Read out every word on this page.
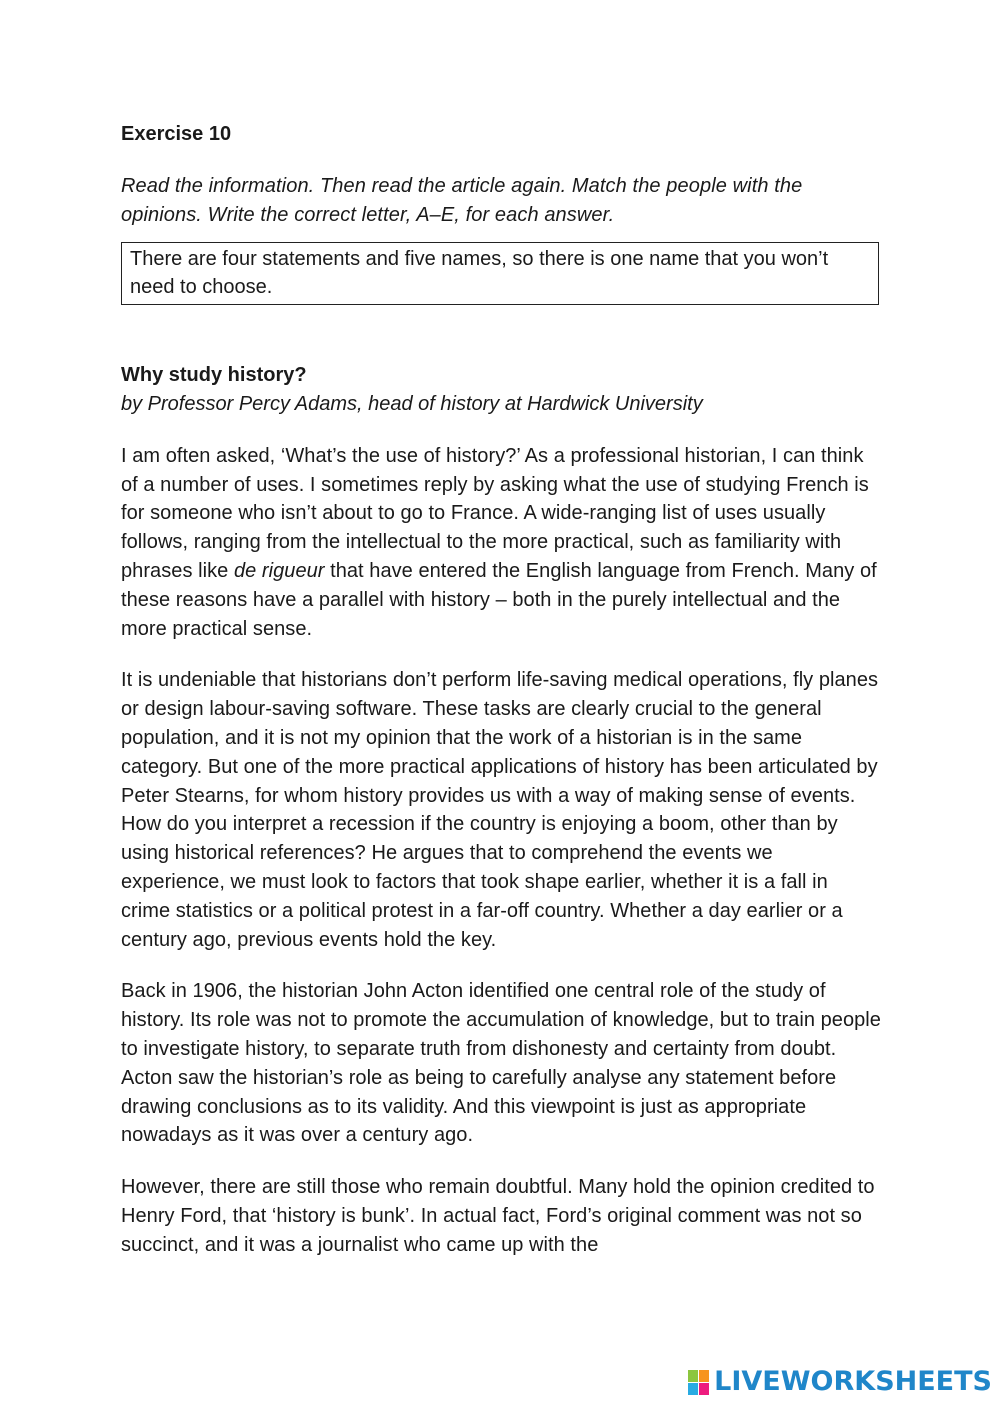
Exercise 10

Read the information. Then read the article again. Match the people with the opinions. Write the correct letter, A–E, for each answer.

There are four statements and five names, so there is one name that you won’t need to choose.

Why study history?

by Professor Percy Adams, head of history at Hardwick University

I am often asked, ‘What’s the use of history?’ As a professional historian, I can think of a number of uses. I sometimes reply by asking what the use of studying French is for someone who isn’t about to go to France. A wide-ranging list of uses usually follows, ranging from the intellectual to the more practical, such as familiarity with phrases like de rigueur that have entered the English language from French. Many of these reasons have a parallel with history – both in the purely intellectual and the more practical sense.

It is undeniable that historians don’t perform life-saving medical operations, fly planes or design labour-saving software. These tasks are clearly crucial to the general population, and it is not my opinion that the work of a historian is in the same category. But one of the more practical applications of history has been articulated by Peter Stearns, for whom history provides us with a way of making sense of events. How do you interpret a recession if the country is enjoying a boom, other than by using historical references? He argues that to comprehend the events we experience, we must look to factors that took shape earlier, whether it is a fall in crime statistics or a political protest in a far-off country. Whether a day earlier or a century ago, previous events hold the key.

Back in 1906, the historian John Acton identified one central role of the study of history. Its role was not to promote the accumulation of knowledge, but to train people to investigate history, to separate truth from dishonesty and certainty from doubt. Acton saw the historian’s role as being to carefully analyse any statement before drawing conclusions as to its validity. And this viewpoint is just as appropriate nowadays as it was over a century ago.

However, there are still those who remain doubtful. Many hold the opinion credited to Henry Ford, that ‘history is bunk’. In actual fact, Ford’s original comment was not so succinct, and it was a journalist who came up with the

LIVEWORKSHEETS
